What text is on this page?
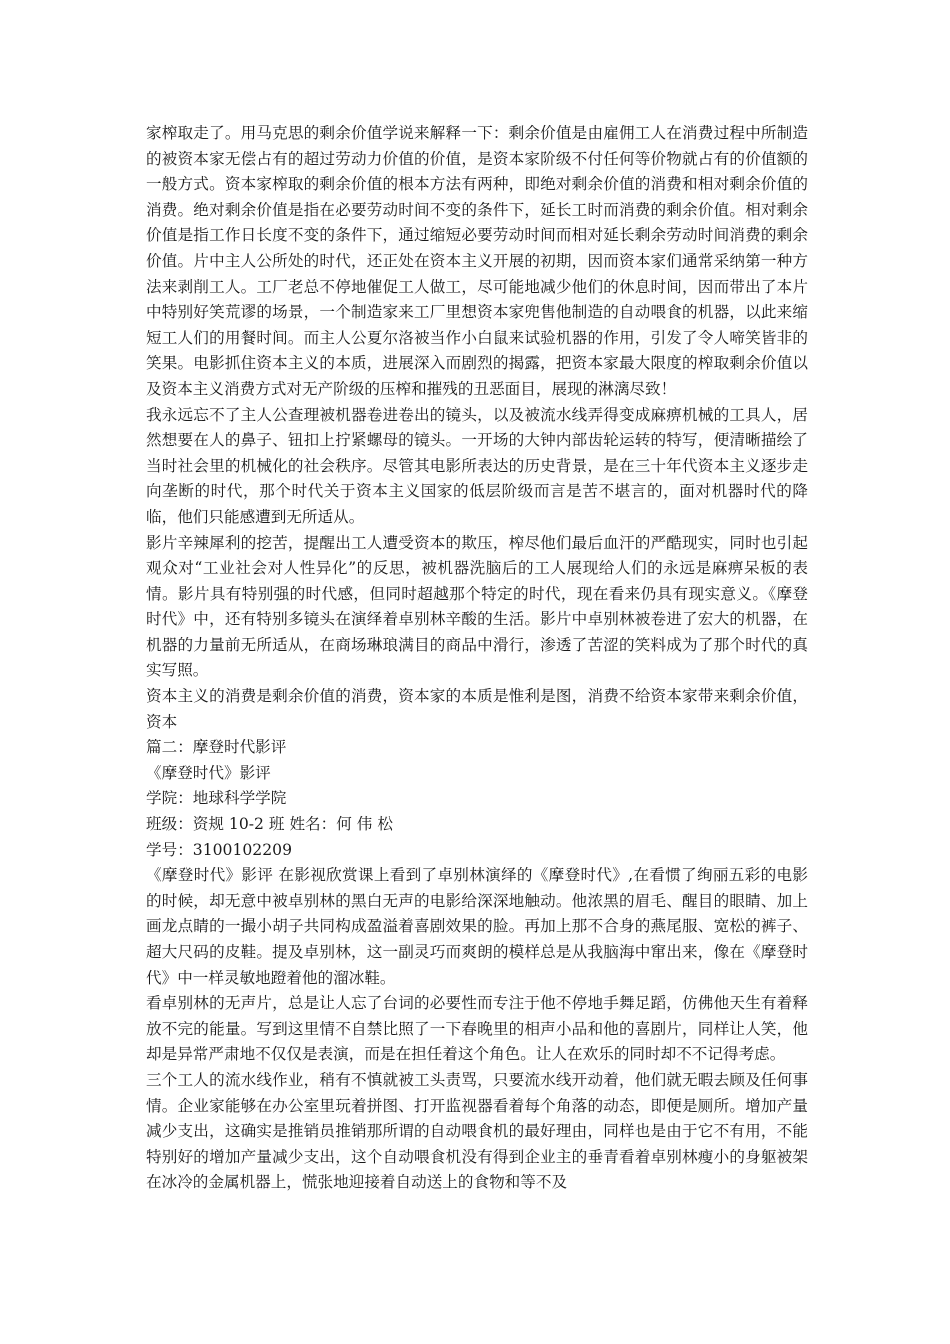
家榨取走了。用马克思的剩余价值学说来解释一下：剩余价值是由雇佣工人在消费过程中所制造的被资本家无偿占有的超过劳动力价值的价值，是资本家阶级不付任何等价物就占有的价值额的一般方式。资本家榨取的剩余价值的根本方法有两种，即绝对剩余价值的消费和相对剩余价值的消费。绝对剩余价值是指在必要劳动时间不变的条件下，延长工时而消费的剩余价值。相对剩余价值是指工作日长度不变的条件下，通过缩短必要劳动时间而相对延长剩余劳动时间消费的剩余价值。片中主人公所处的时代，还正处在资本主义开展的初期，因而资本家们通常采纳第一种方法来剥削工人。工厂老总不停地催促工人做工，尽可能地减少他们的休息时间，因而带出了本片中特别好笑荒谬的场景，一个制造家来工厂里想资本家兜售他制造的自动喂食的机器，以此来缩短工人们的用餐时间。而主人公夏尔洛被当作小白鼠来试验机器的作用，引发了令人啼笑皆非的笑果。电影抓住资本主义的本质，进展深入而剧烈的揭露，把资本家最大限度的榨取剩余价值以及资本主义消费方式对无产阶级的压榨和摧残的丑恶面目，展现的淋漓尽致！

我永远忘不了主人公查理被机器卷进卷出的镜头，以及被流水线弄得变成麻痹机械的工具人，居然想要在人的鼻子、钮扣上拧紧螺母的镜头。一开场的大钟内部齿轮运转的特写，便清晰描绘了当时社会里的机械化的社会秩序。尽管其电影所表达的历史背景，是在三十年代资本主义逐步走向垄断的时代，那个时代关于资本主义国家的低层阶级而言是苦不堪言的，面对机器时代的降临，他们只能感遭到无所适从。

影片辛辣犀利的挖苦，提醒出工人遭受资本的欺压，榨尽他们最后血汗的严酷现实，同时也引起观众对“工业社会对人性异化”的反思，被机器洗脑后的工人展现给人们的永远是麻痹呆板的表情。影片具有特别强的时代感，但同时超越那个特定的时代，现在看来仍具有现实意义。《摩登时代》中，还有特别多镜头在演绎着卓别林辛酸的生活。影片中卓别林被卷进了宏大的机器，在机器的力量前无所适从，在商场琳琅满目的商品中滑行，渗透了苦涩的笑料成为了那个时代的真实写照。

资本主义的消费是剩余价值的消费，资本家的本质是惟利是图，消费不给资本家带来剩余价值，资本

篇二：摩登时代影评

《摩登时代》影评

学院：地球科学学院

班级：资规 10-2 班 姓名：何 伟 松

学号：3100102209

《摩登时代》影评 在影视欣赏课上看到了卓别林演绎的《摩登时代》,在看惯了绚丽五彩的电影的时候，却无意中被卓别林的黑白无声的电影给深深地触动。他浓黑的眉毛、醒目的眼睛、加上画龙点睛的一撮小胡子共同构成盈溢着喜剧效果的脸。再加上那不合身的燕尾服、宽松的裤子、超大尺码的皮鞋。提及卓别林，这一副灵巧而爽朗的模样总是从我脑海中窜出来，像在《摩登时代》中一样灵敏地蹬着他的溜冰鞋。

看卓别林的无声片，总是让人忘了台词的必要性而专注于他不停地手舞足蹈，仿佛他天生有着释放不完的能量。写到这里情不自禁比照了一下春晚里的相声小品和他的喜剧片，同样让人笑，他却是异常严肃地不仅仅是表演，而是在担任着这个角色。让人在欢乐的同时却不不记得考虑。

三个工人的流水线作业，稍有不慎就被工头责骂，只要流水线开动着，他们就无暇去顾及任何事情。企业家能够在办公室里玩着拼图、打开监视器看着每个角落的动态，即便是厕所。增加产量减少支出，这确实是推销员推销那所谓的自动喂食机的最好理由，同样也是由于它不有用，不能特别好的增加产量减少支出，这个自动喂食机没有得到企业主的垂青看着卓别林瘦小的身躯被架在冰冷的金属机器上，慌张地迎接着自动送上的食物和等不及
